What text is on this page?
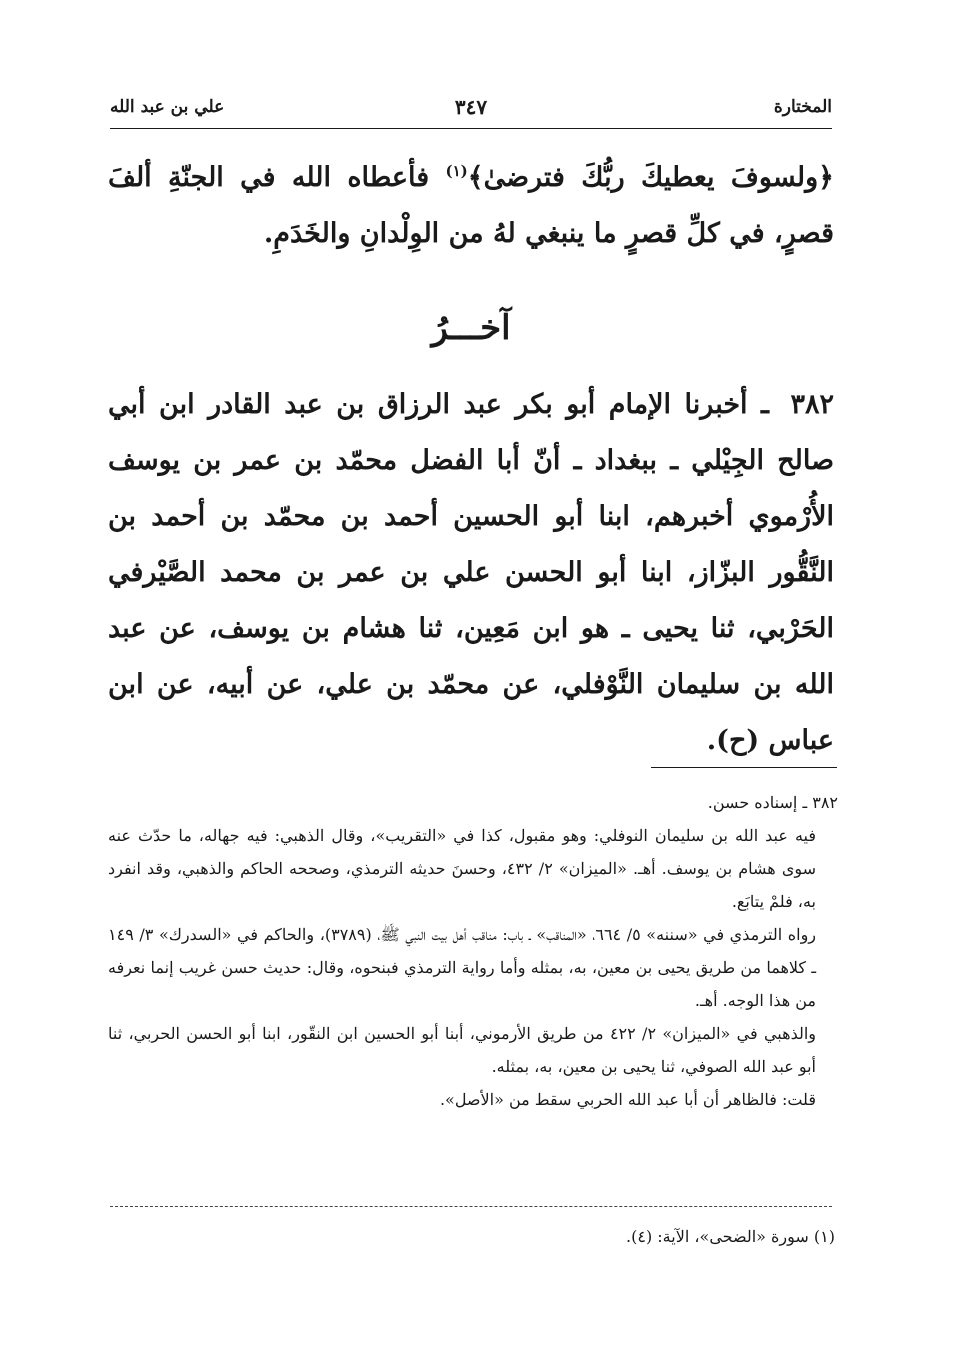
المختارة
٣٤٧
علي بن عبد الله

﴿ولسوفَ يعطيكَ ربُّكَ فترضىٰ﴾$^{(١)}$ فأعطاه الله في الجنّةِ ألفَ قصرٍ، في كلِّ قصرٍ ما ينبغي لهُ من الوِلْدانِ والخَدَمِ.

آخـــرُ

٣٨٢ ـ أخبرنا الإمام أبو بكر عبد الرزاق بن عبد القادر ابن أبي صالح الجِيْلي ـ ببغداد ـ أنّ أبا الفضل محمّد بن عمر بن يوسف الأُرْموي أخبرهم، ابنا أبو الحسين أحمد بن محمّد بن أحمد بن النَّقُّور البزّاز، ابنا أبو الحسن علي بن عمر بن محمد الصَّيْرفي الحَرْبي، ثنا يحيى ـ هو ابن مَعِين، ثنا هشام بن يوسف، عن عبد الله بن سليمان النَّوْفلي، عن محمّد بن علي، عن أبيه، عن ابن عباس (ح).

٣٨٢ ـ إسناده حسن.

فيه عبد الله بن سليمان النوفلي: وهو مقبول، كذا في «التقريب»، وقال الذهبي: فيه جهاله، ما حدّث عنه سوى هشام بن يوسف. أهـ. «الميزان» ٢/ ٤٣٢، وحسنَ حديثه الترمذي، وصححه الحاكم والذهبي، وقد انفرد به، فلمْ يتابَع.

رواه الترمذي في «سننه» ٥/ ٦٦٤، «المناقب» ـ باب: مناقب أهل بيت النبي ﷺ، (٣٧٨٩)، والحاكم في «السدرك» ٣/ ١٤٩ ـ كلاهما من طريق يحيى بن معين، به، بمثله وأما رواية الترمذي فبنحوه، وقال: حديث حسن غريب إنما نعرفه من هذا الوجه. أهـ.

والذهبي في «الميزان» ٢/ ٤٢٢ من طريق الأرموني، أبنا أبو الحسين ابن النقّور، ابنا أبو الحسن الحربي، ثنا أبو عبد الله الصوفي، ثنا يحيى بن معين، به، بمثله.

قلت: فالظاهر أن أبا عبد الله الحربي سقط من «الأصل».

(١) سورة «الضحى»، الآية: (٤).
